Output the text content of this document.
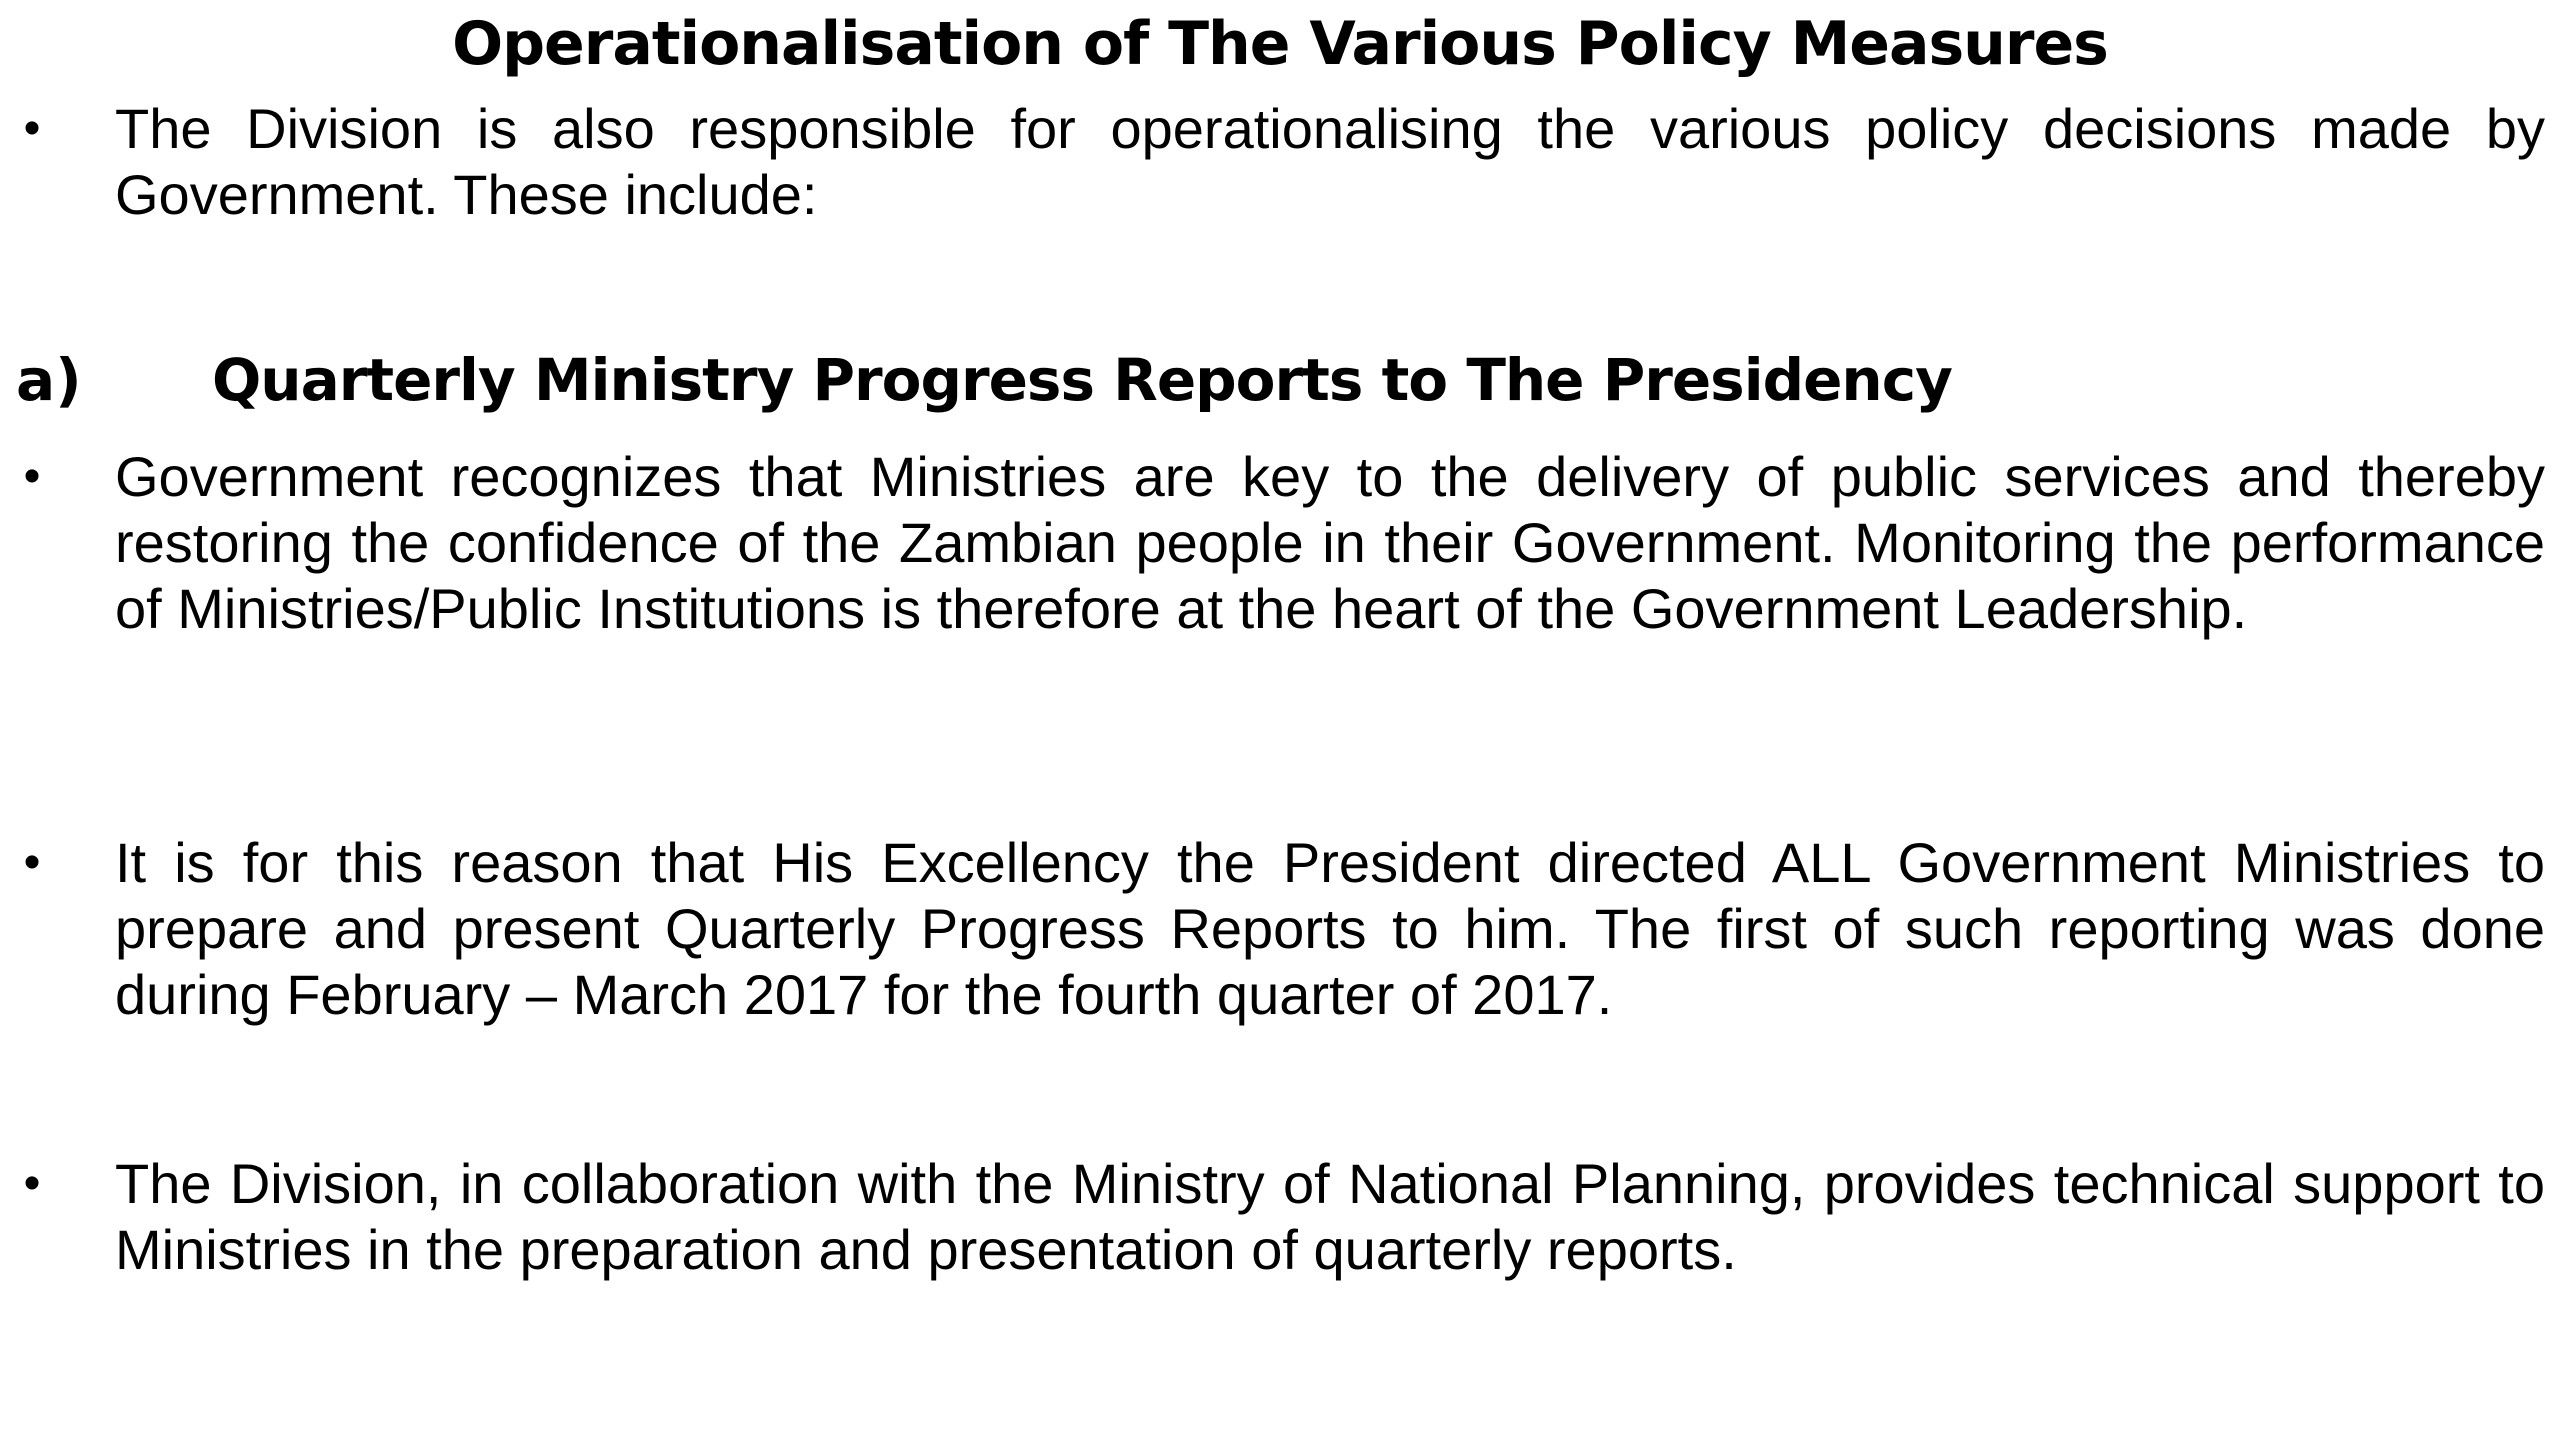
Operationalisation of The Various Policy Measures
• The Division is also responsible for operationalising the various policy decisions made by Government. These include:
a) Quarterly Ministry Progress Reports to The Presidency
• Government recognizes that Ministries are key to the delivery of public services and thereby restoring the confidence of the Zambian people in their Government. Monitoring the performance of Ministries/Public Institutions is therefore at the heart of the Government Leadership.
• It is for this reason that His Excellency the President directed ALL Government Ministries to prepare and present Quarterly Progress Reports to him. The first of such reporting was done during February – March 2017 for the fourth quarter of 2017.
• The Division, in collaboration with the Ministry of National Planning, provides technical support to Ministries in the preparation and presentation of quarterly reports.
